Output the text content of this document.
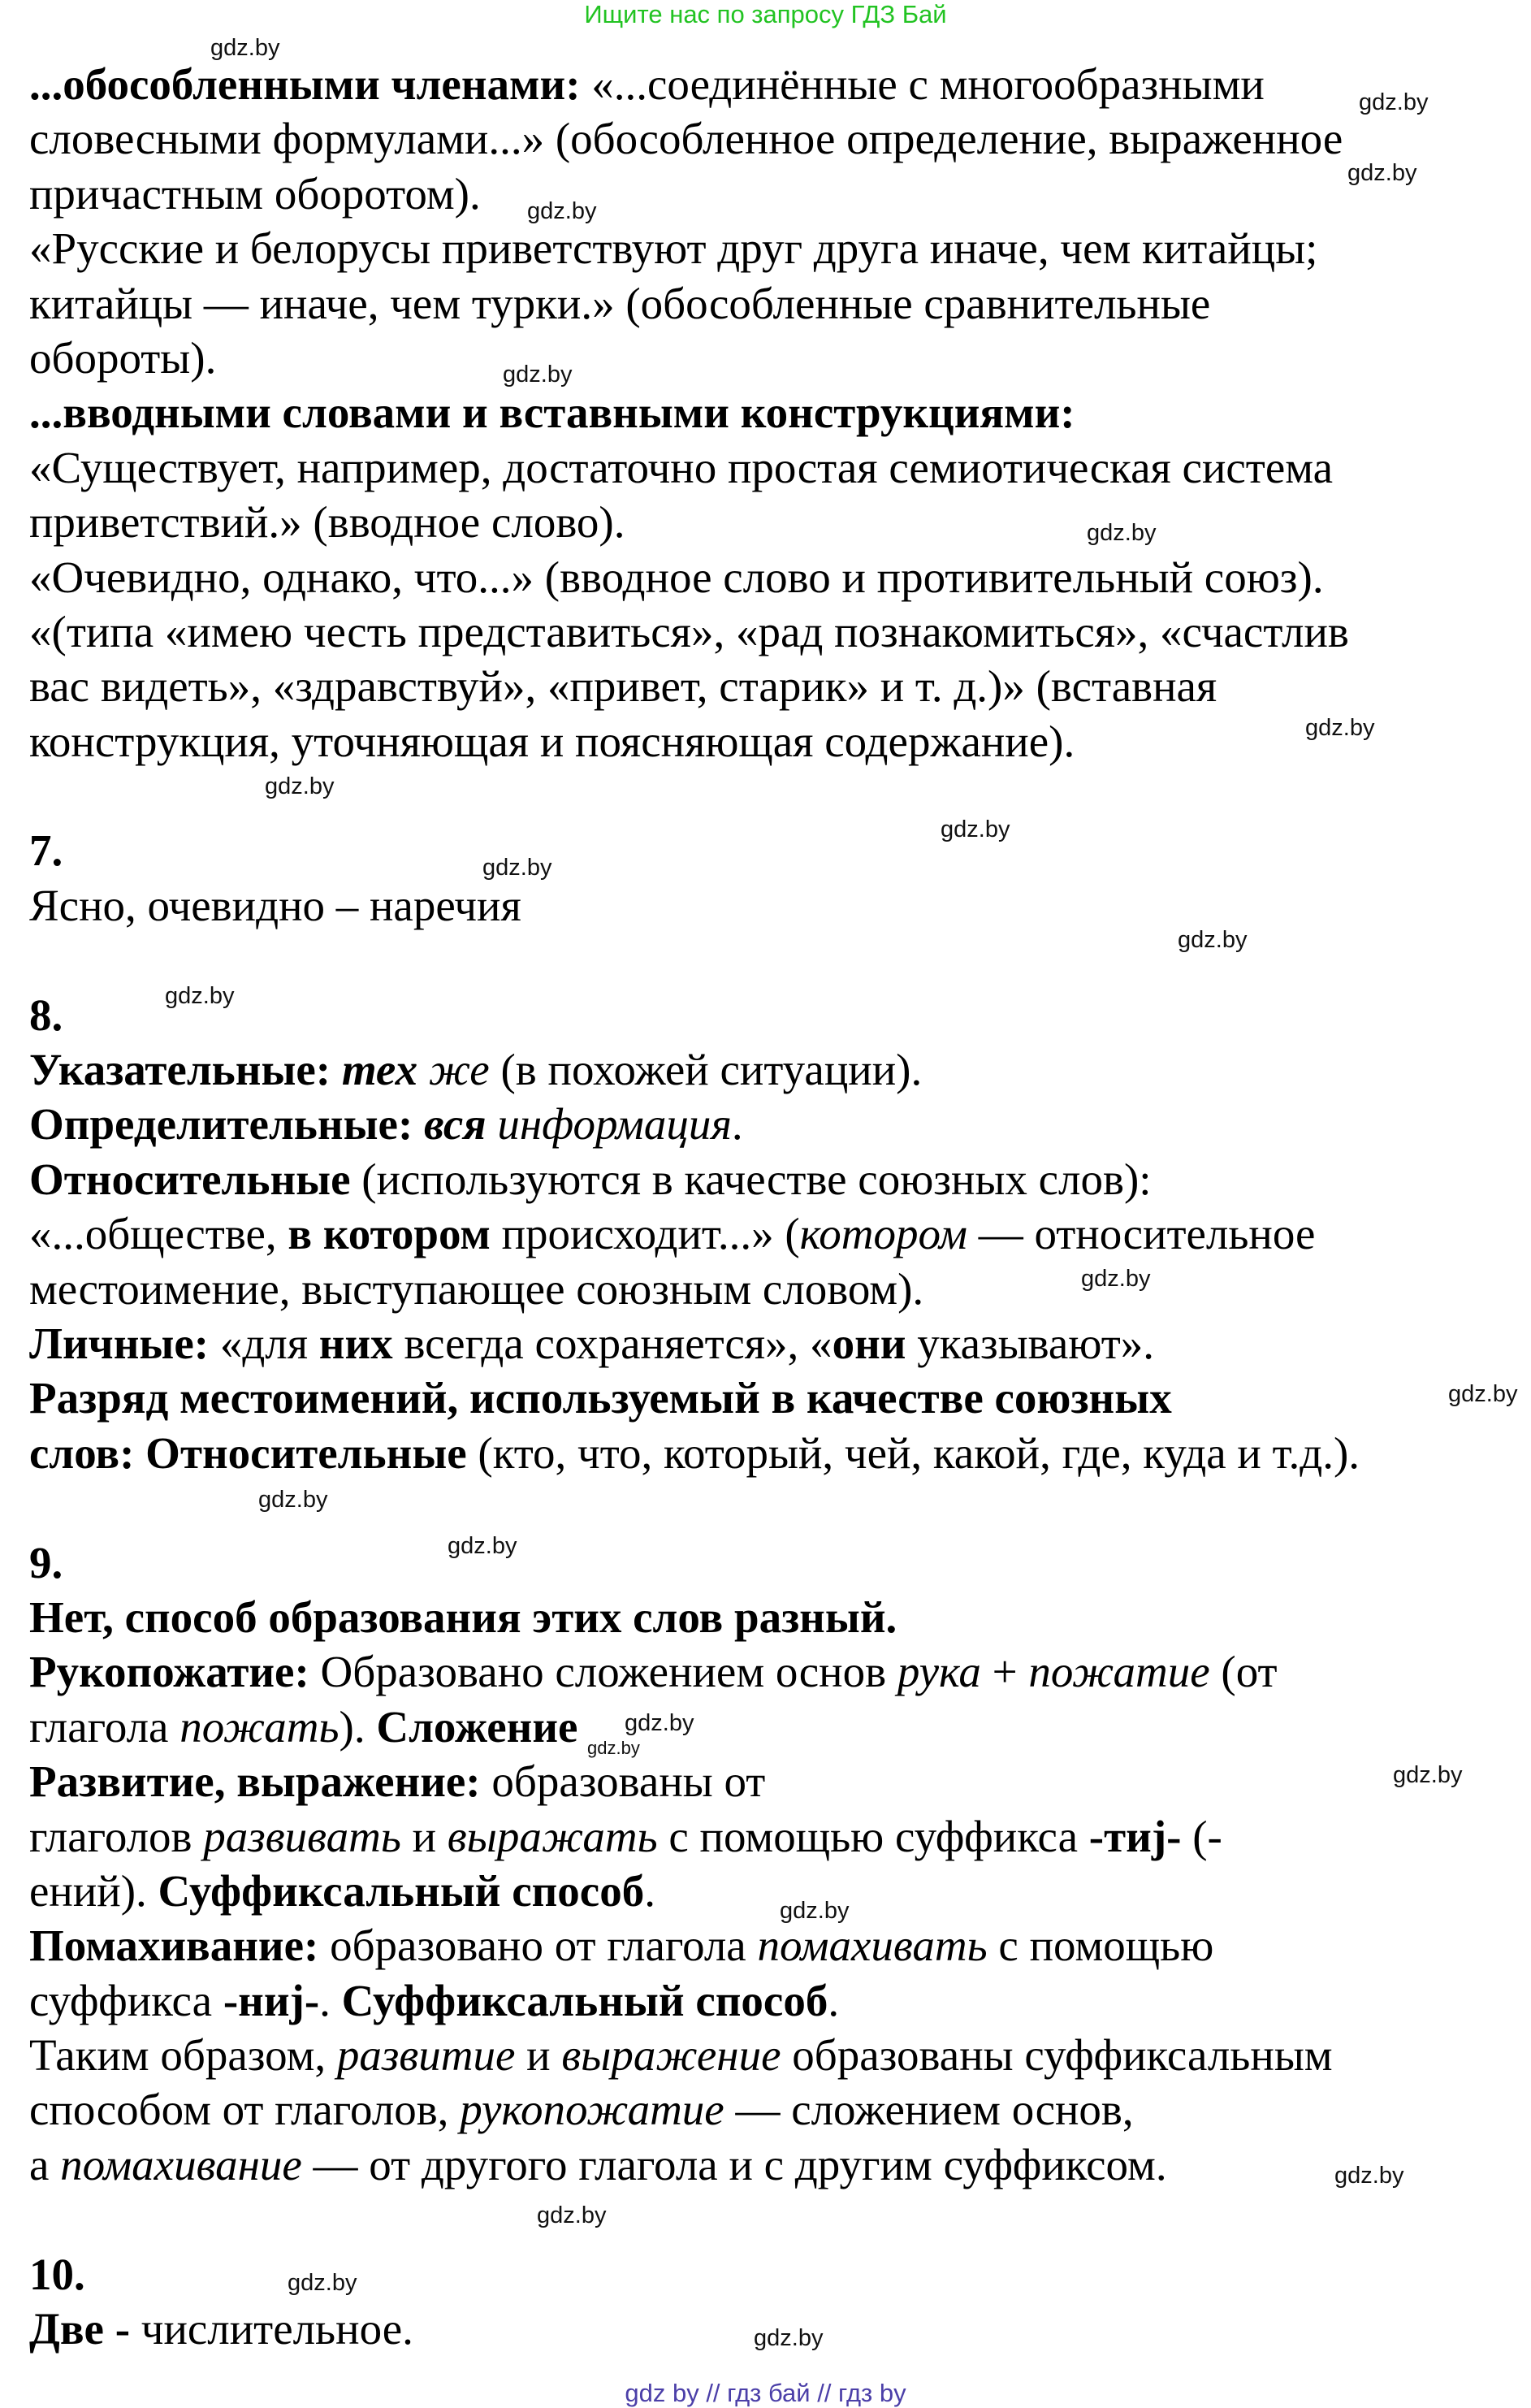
Ищите нас по запросу ГДЗ Бай
...обособленными членами: «...соединённые с многообразными
словесными формулами...» (обособленное определение, выраженное
причастным оборотом).
«Русские и белорусы приветствуют друг друга иначе, чем китайцы;
китайцы — иначе, чем турки.» (обособленные сравнительные
обороты).
...вводными словами и вставными конструкциями:
«Существует, например, достаточно простая семиотическая система
приветствий.» (вводное слово).
«Очевидно, однако, что...» (вводное слово и противительный союз).
«(типа «имею честь представиться», «рад познакомиться», «счастлив
вас видеть», «здравствуй», «привет, старик» и т. д.)» (вставная
конструкция, уточняющая и поясняющая содержание).
7.
Ясно, очевидно – наречия
8.
Указательные: тех же (в похожей ситуации).
Определительные: вся информация.
Относительные (используются в качестве союзных слов):
«...обществе, в котором происходит...» (котором — относительное
местоимение, выступающее союзным словом).
Личные: «для них всегда сохраняется», «они указывают».
Разряд местоимений, используемый в качестве союзных
слов: Относительные (кто, что, который, чей, какой, где, куда и т.д.).
9.
Нет, способ образования этих слов разный.
Рукопожатие: Образовано сложением основ рука + пожатие (от
глагола пожать). Сложение
Развитие, выражение: образованы от
глаголов развивать и выражать с помощью суффикса -тиj- (-
ений). Суффиксальный способ.
Помахивание: образовано от глагола помахивать с помощью
суффикса -ниj-. Суффиксальный способ.
Таким образом, развитие и выражение образованы суффиксальным
способом от глаголов, рукопожатие — сложением основ,
а помахивание — от другого глагола и с другим суффиксом.
10.
Две - числительное.
gdz.by
gdz.by
gdz.by
gdz.by
gdz.by
gdz.by
gdz.by
gdz.by
gdz.by
gdz.by
gdz.by
gdz.by
gdz.by
gdz.by
gdz.by
gdz.by
gdz.by
gdz.by
gdz.by
gdz.by
gdz.by
gdz.by
gdz.by
gdz.by
gdz by // гдз бай // гдз by
